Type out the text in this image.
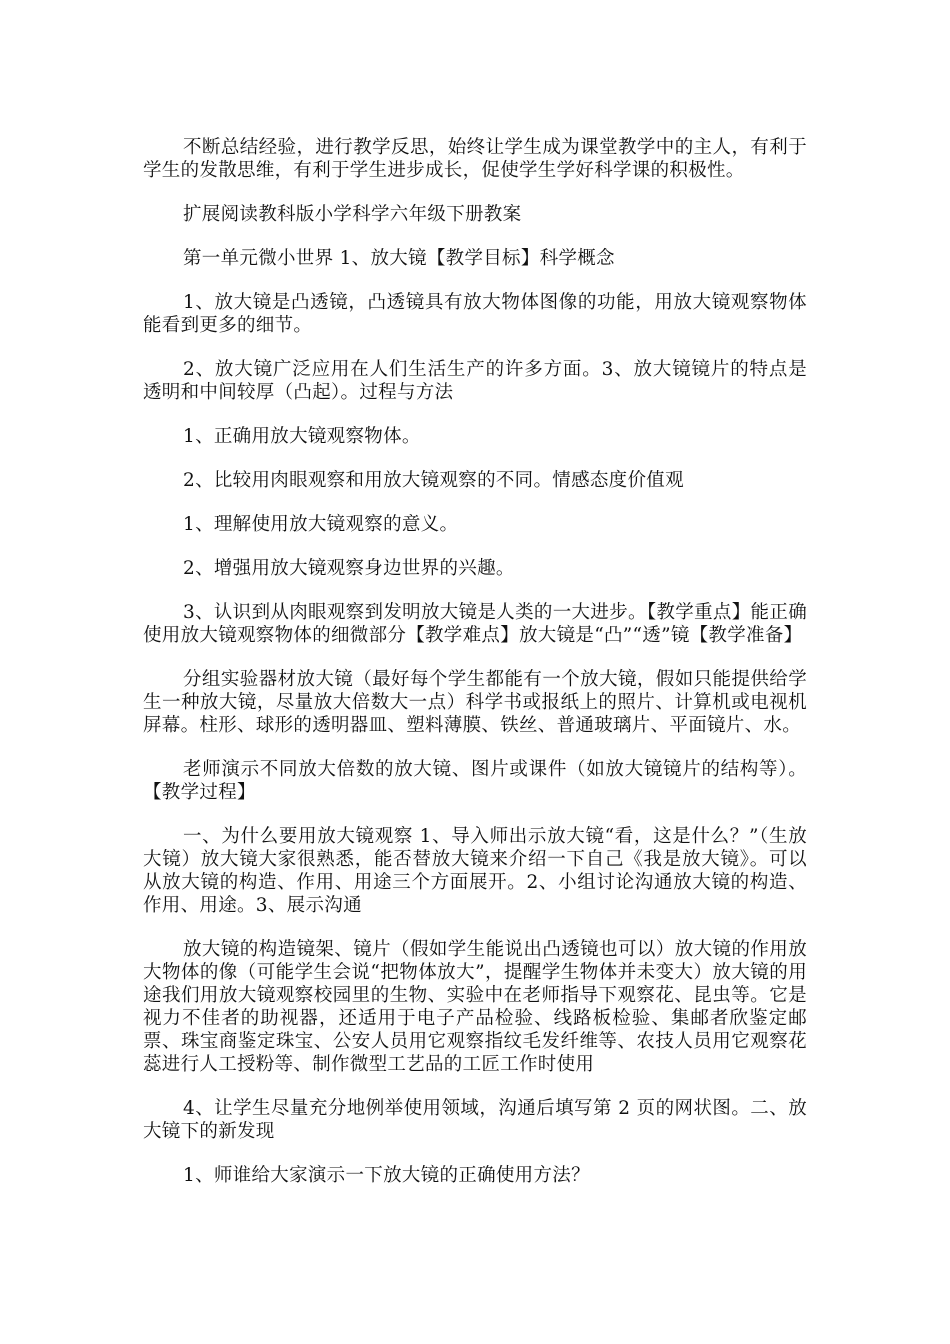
不断总结经验，进行教学反思，始终让学生成为课堂教学中的主人，有利于学生的发散思维，有利于学生进步成长，促使学生学好科学课的积极性。

扩展阅读教科版小学科学六年级下册教案

第一单元微小世界 1、放大镜【教学目标】科学概念

1、放大镜是凸透镜，凸透镜具有放大物体图像的功能，用放大镜观察物体能看到更多的细节。

2、放大镜广泛应用在人们生活生产的许多方面。3、放大镜镜片的特点是透明和中间较厚（凸起）。过程与方法

1、正确用放大镜观察物体。

2、比较用肉眼观察和用放大镜观察的不同。情感态度价值观

1、理解使用放大镜观察的意义。

2、增强用放大镜观察身边世界的兴趣。

3、认识到从肉眼观察到发明放大镜是人类的一大进步。【教学重点】能正确使用放大镜观察物体的细微部分【教学难点】放大镜是“凸”“透”镜【教学准备】

分组实验器材放大镜（最好每个学生都能有一个放大镜，假如只能提供给学生一种放大镜，尽量放大倍数大一点）科学书或报纸上的照片、计算机或电视机屏幕。柱形、球形的透明器皿、塑料薄膜、铁丝、普通玻璃片、平面镜片、水。

老师演示不同放大倍数的放大镜、图片或课件（如放大镜镜片的结构等）。【教学过程】

一、为什么要用放大镜观察 1、导入师出示放大镜“看，这是什么？”（生放大镜）放大镜大家很熟悉，能否替放大镜来介绍一下自己《我是放大镜》。可以从放大镜的构造、作用、用途三个方面展开。2、小组讨论沟通放大镜的构造、作用、用途。3、展示沟通

放大镜的构造镜架、镜片（假如学生能说出凸透镜也可以）放大镜的作用放大物体的像（可能学生会说“把物体放大”，提醒学生物体并未变大）放大镜的用途我们用放大镜观察校园里的生物、实验中在老师指导下观察花、昆虫等。它是视力不佳者的助视器，还适用于电子产品检验、线路板检验、集邮者欣鉴定邮票、珠宝商鉴定珠宝、公安人员用它观察指纹毛发纤维等、农技人员用它观察花蕊进行人工授粉等、制作微型工艺品的工匠工作时使用

4、让学生尽量充分地例举使用领域，沟通后填写第 2 页的网状图。二、放大镜下的新发现

1、师谁给大家演示一下放大镜的正确使用方法？
